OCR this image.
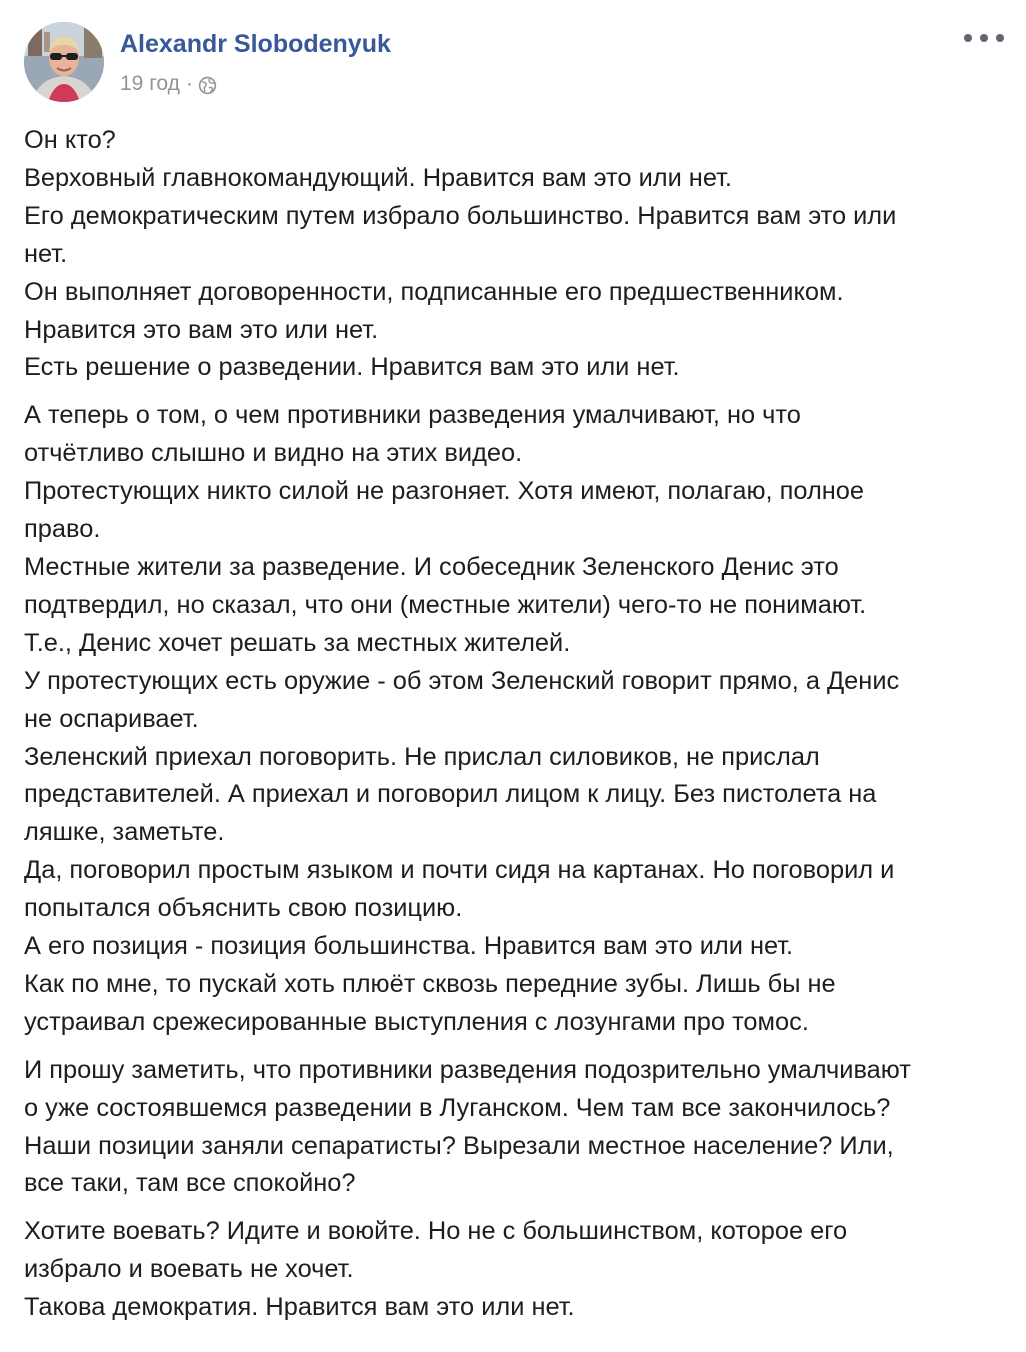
Alexandr Slobodenyuk
19 год ·

Он кто?
Верховный главнокомандующий. Нравится вам это или нет.
Его демократическим путем избрало большинство. Нравится вам это или
нет.
Он выполняет договоренности, подписанные его предшественником.
Нравится это вам это или нет.
Есть решение о разведении. Нравится вам это или нет.

А теперь о том, о чем противники разведения умалчивают, но что
отчётливо слышно и видно на этих видео.
Протестующих никто силой не разгоняет. Хотя имеют, полагаю, полное
право.
Местные жители за разведение. И собеседник Зеленского Денис это
подтвердил, но сказал, что они (местные жители) чего-то не понимают.
Т.е., Денис хочет решать за местных жителей.
У протестующих есть оружие - об этом Зеленский говорит прямо, а Денис
не оспаривает.
Зеленский приехал поговорить. Не прислал силовиков, не прислал
представителей. А приехал и поговорил лицом к лицу. Без пистолета на
ляшке, заметьте.
Да, поговорил простым языком и почти сидя на картанах. Но поговорил и
попытался объяснить свою позицию.
А его позиция - позиция большинства. Нравится вам это или нет.
Как по мне, то пускай хоть плюёт сквозь передние зубы. Лишь бы не
устраивал срежесированные выступления с лозунгами про томос.

И прошу заметить, что противники разведения подозрительно умалчивают
о уже состоявшемся разведении в Луганском. Чем там все закончилось?
Наши позиции заняли сепаратисты? Вырезали местное население? Или,
все таки, там все спокойно?

Хотите воевать? Идите и воюйте. Но не с большинством, которое его
избрало и воевать не хочет.
Такова демократия. Нравится вам это или нет.
